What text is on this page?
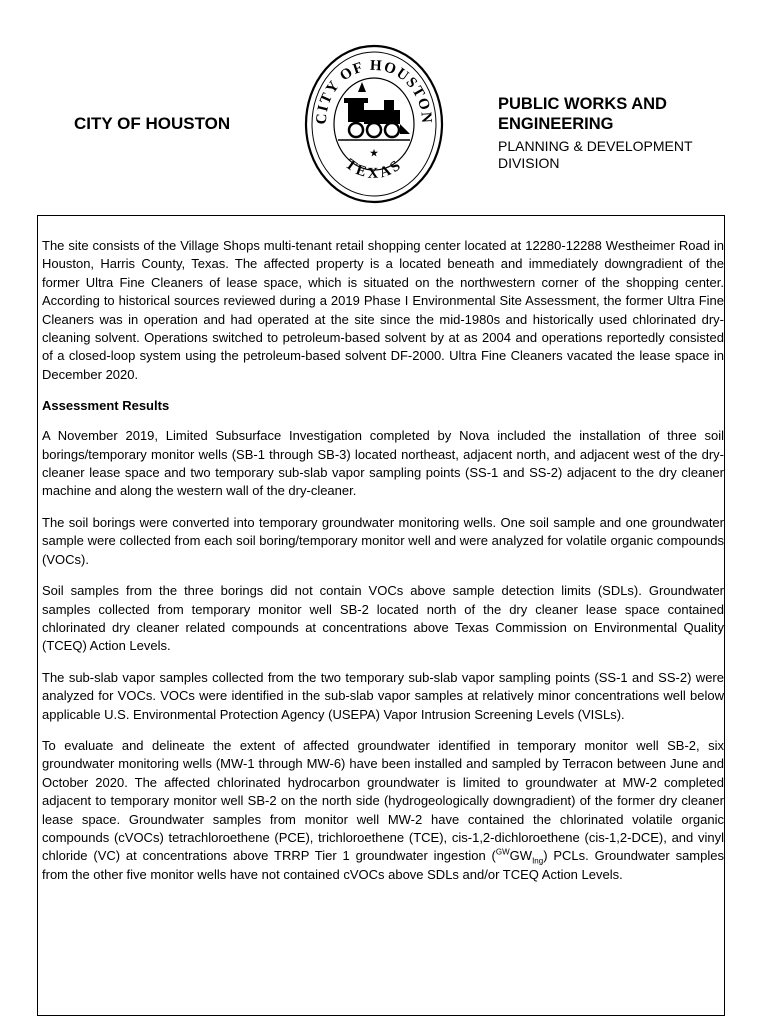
CITY OF HOUSTON	CITY OF HOUSTON
TEXAS
★
PUBLIC WORKS AND ENGINEERING
PLANNING & DEVELOPMENT DIVISION

The site consists of the Village Shops multi-tenant retail shopping center located at 12280-12288 Westheimer Road in Houston, Harris County, Texas. The affected property is a located beneath and immediately downgradient of the former Ultra Fine Cleaners of lease space, which is situated on the northwestern corner of the shopping center. According to historical sources reviewed during a 2019 Phase I Environmental Site Assessment, the former Ultra Fine Cleaners was in operation and had operated at the site since the mid-1980s and historically used chlorinated dry-cleaning solvent. Operations switched to petroleum-based solvent by at as 2004 and operations reportedly consisted of a closed-loop system using the petroleum-based solvent DF-2000. Ultra Fine Cleaners vacated the lease space in December 2020.

Assessment Results

A November 2019, Limited Subsurface Investigation completed by Nova included the installation of three soil borings/temporary monitor wells (SB-1 through SB-3) located northeast, adjacent north, and adjacent west of the dry-cleaner lease space and two temporary sub-slab vapor sampling points (SS-1 and SS-2) adjacent to the dry cleaner machine and along the western wall of the dry-cleaner.

The soil borings were converted into temporary groundwater monitoring wells. One soil sample and one groundwater sample were collected from each soil boring/temporary monitor well and were analyzed for volatile organic compounds (VOCs).

Soil samples from the three borings did not contain VOCs above sample detection limits (SDLs). Groundwater samples collected from temporary monitor well SB-2 located north of the dry cleaner lease space contained chlorinated dry cleaner related compounds at concentrations above Texas Commission on Environmental Quality (TCEQ) Action Levels.

The sub-slab vapor samples collected from the two temporary sub-slab vapor sampling points (SS-1 and SS-2) were analyzed for VOCs. VOCs were identified in the sub-slab vapor samples at relatively minor concentrations well below applicable U.S. Environmental Protection Agency (USEPA) Vapor Intrusion Screening Levels (VISLs).

To evaluate and delineate the extent of affected groundwater identified in temporary monitor well SB-2, six groundwater monitoring wells (MW-1 through MW-6) have been installed and sampled by Terracon between June and October 2020. The affected chlorinated hydrocarbon groundwater is limited to groundwater at MW-2 completed adjacent to temporary monitor well SB-2 on the north side (hydrogeologically downgradient) of the former dry cleaner lease space. Groundwater samples from monitor well MW-2 have contained the chlorinated volatile organic compounds (cVOCs) tetrachloroethene (PCE), trichloroethene (TCE), cis-1,2-dichloroethene (cis-1,2-DCE), and vinyl chloride (VC) at concentrations above TRRP Tier 1 groundwater ingestion $(^{GW}GW_{Ing})$ PCLs. Groundwater samples from the other five monitor wells have not contained cVOCs above SDLs and/or TCEQ Action Levels.
